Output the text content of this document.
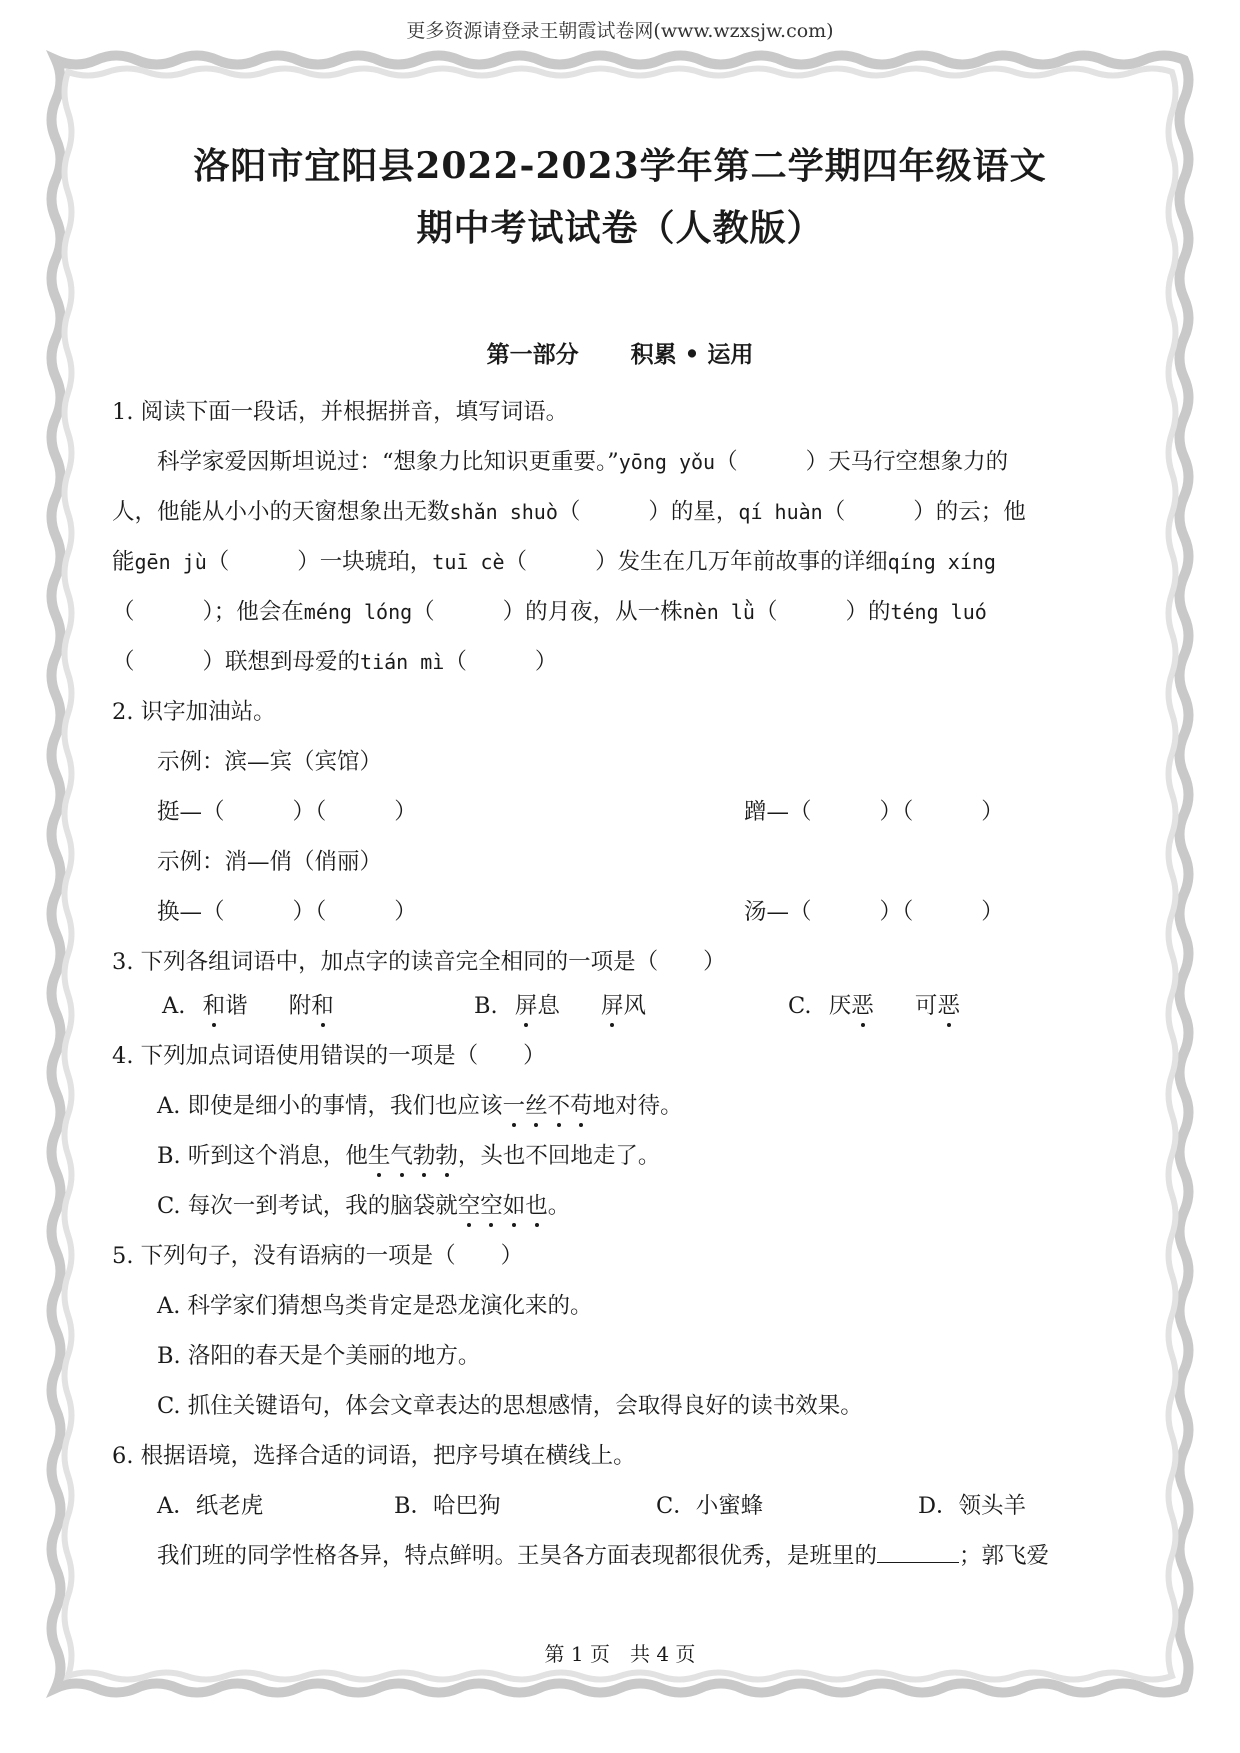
更多资源请登录王朝霞试卷网(www.wzxsjw.com)
洛阳市宜阳县2022-2023学年第二学期四年级语文
期中考试试卷（人教版）
第一部分 积累 • 运用
1. 阅读下面一段话，并根据拼音，填写词语。
科学家爱因斯坦说过：“想象力比知识更重要。”yōng yǒu（	）天马行空想象力的
人，他能从小小的天窗想象出无数shǎn shuò（	）的星，qí huàn（	）的云；他
能gēn jù（	）一块琥珀，tuī cè（	）发生在几万年前故事的详细qíng xíng
（	）；他会在méng lóng（	）的月夜，从一株nèn lǜ（	）的téng luó
（	）联想到母爱的tián mì（	）
2. 识字加油站。
示例：滨—宾（宾馆）
挺—（	）（	）	蹭—（	）（	）
示例：消—俏（俏丽）
换—（	）（	）	汤—（	）（	）
3. 下列各组词语中，加点字的读音完全相同的一项是（　　）
A. 和谐 附和	B. 屏息 屏风	C. 厌恶 可恶
4. 下列加点词语使用错误的一项是（　　）
A. 即使是细小的事情，我们也应该一丝不苟地对待。
B. 听到这个消息，他生气勃勃，头也不回地走了。
C. 每次一到考试，我的脑袋就空空如也。
5. 下列句子，没有语病的一项是（　　）
A. 科学家们猜想鸟类肯定是恐龙演化来的。
B. 洛阳的春天是个美丽的地方。
C. 抓住关键语句，体会文章表达的思想感情，会取得良好的读书效果。
6. 根据语境，选择合适的词语，把序号填在横线上。
A．纸老虎	B．哈巴狗	C．小蜜蜂	D．领头羊
我们班的同学性格各异，特点鲜明。王昊各方面表现都很优秀，是班里的	；郭飞爱
第 1 页　共 4 页
